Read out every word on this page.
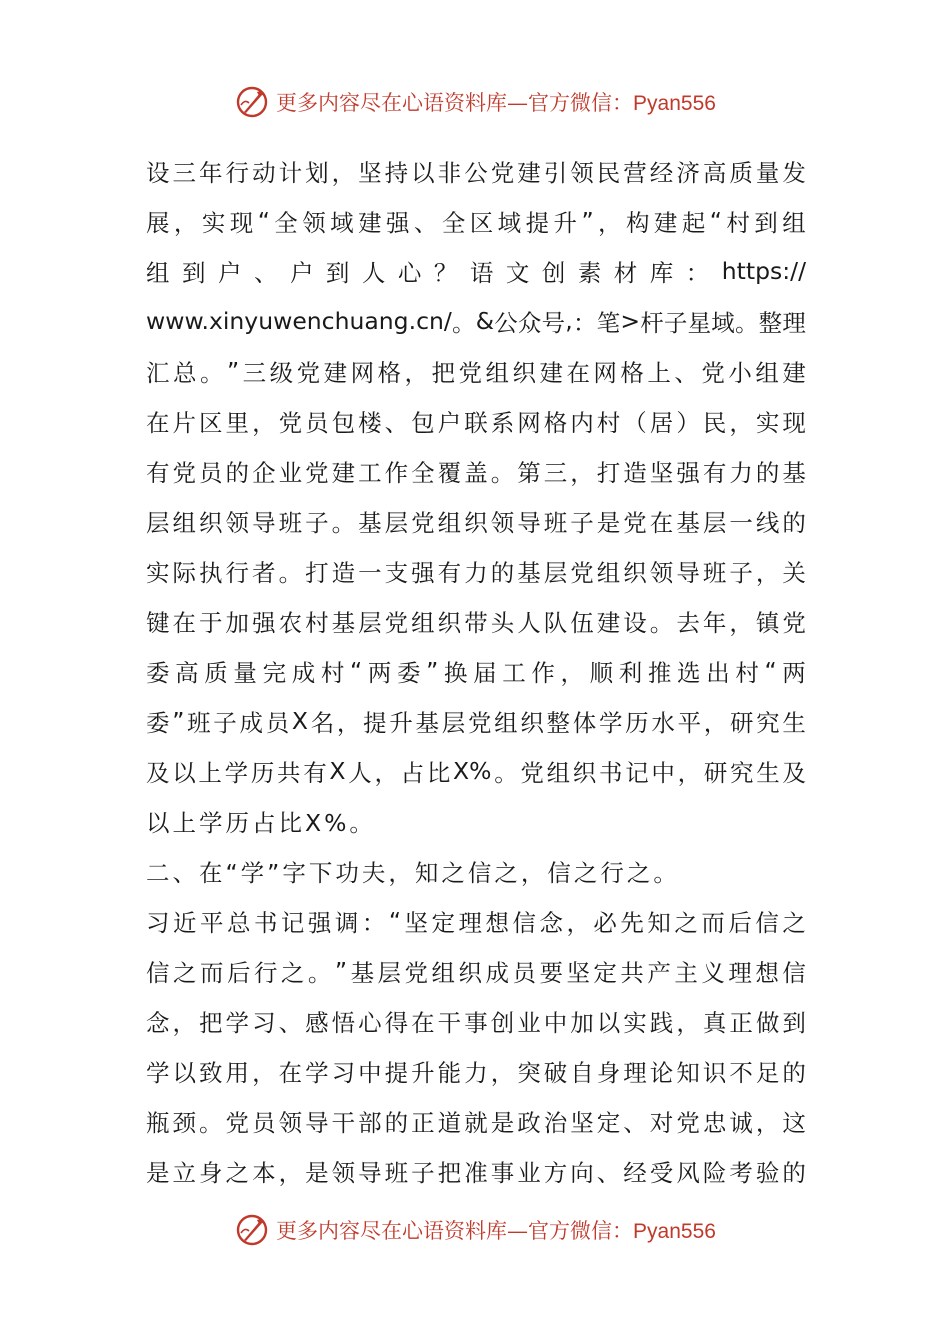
更多内容尽在心语资料库—官方微信：Pyan556
设 三 年 行 动 计 划 ， 坚 持 以 非 公 党 建 引 领 民 营 经 济 高 质 量 发
展 ， 实 现 “ 全 领 域 建 强 、 全 区 域 提 升 ” ， 构 建 起 “ 村 到 组
组 到 户 、 户 到 人 心 ？ 语 文 创 素 材 库 ： https://
www.xinyuwenchuang.cn/ 。 & 公 众 号 , ： 笔 > 杆 子 星 域 。 整 理
汇 总 。 ” 三 级 党 建 网 格 ， 把 党 组 织 建 在 网 格 上 、 党 小 组 建
在 片 区 里 ， 党 员 包 楼 、 包 户 联 系 网 格 内 村 （ 居 ） 民 ， 实 现
有 党 员 的 企 业 党 建 工 作 全 覆 盖 。 第 三 ， 打 造 坚 强 有 力 的 基
层 组 织 领 导 班 子 。 基 层 党 组 织 领 导 班 子 是 党 在 基 层 一 线 的
实 际 执 行 者 。 打 造 一 支 强 有 力 的 基 层 党 组 织 领 导 班 子 ， 关
键 在 于 加 强 农 村 基 层 党 组 织 带 头 人 队 伍 建 设 。 去 年 ， 镇 党
委 高 质 量 完 成 村 “ 两 委 ” 换 届 工 作 ， 顺 利 推 选 出 村 “ 两
委 ” 班 子 成 员 X 名 ， 提 升 基 层 党 组 织 整 体 学 历 水 平 ， 研 究 生
及 以 上 学 历 共 有 X 人 ， 占 比 X% 。 党 组 织 书 记 中 ， 研 究 生 及
以上学历占比X%。
二、在“学”字下功夫，知之信之，信之行之。
习 近 平 总 书 记 强 调 ： “ 坚 定 理 想 信 念 ， 必 先 知 之 而 后 信 之
信 之 而 后 行 之 。 ” 基 层 党 组 织 成 员 要 坚 定 共 产 主 义 理 想 信
念 ， 把 学 习 、 感 悟 心 得 在 干 事 创 业 中 加 以 实 践 ， 真 正 做 到
学 以 致 用 ， 在 学 习 中 提 升 能 力 ， 突 破 自 身 理 论 知 识 不 足 的
瓶 颈 。 党 员 领 导 干 部 的 正 道 就 是 政 治 坚 定 、 对 党 忠 诚 ， 这
是 立 身 之 本 ， 是 领 导 班 子 把 准 事 业 方 向 、 经 受 风 险 考 验 的
更多内容尽在心语资料库—官方微信：Pyan556
